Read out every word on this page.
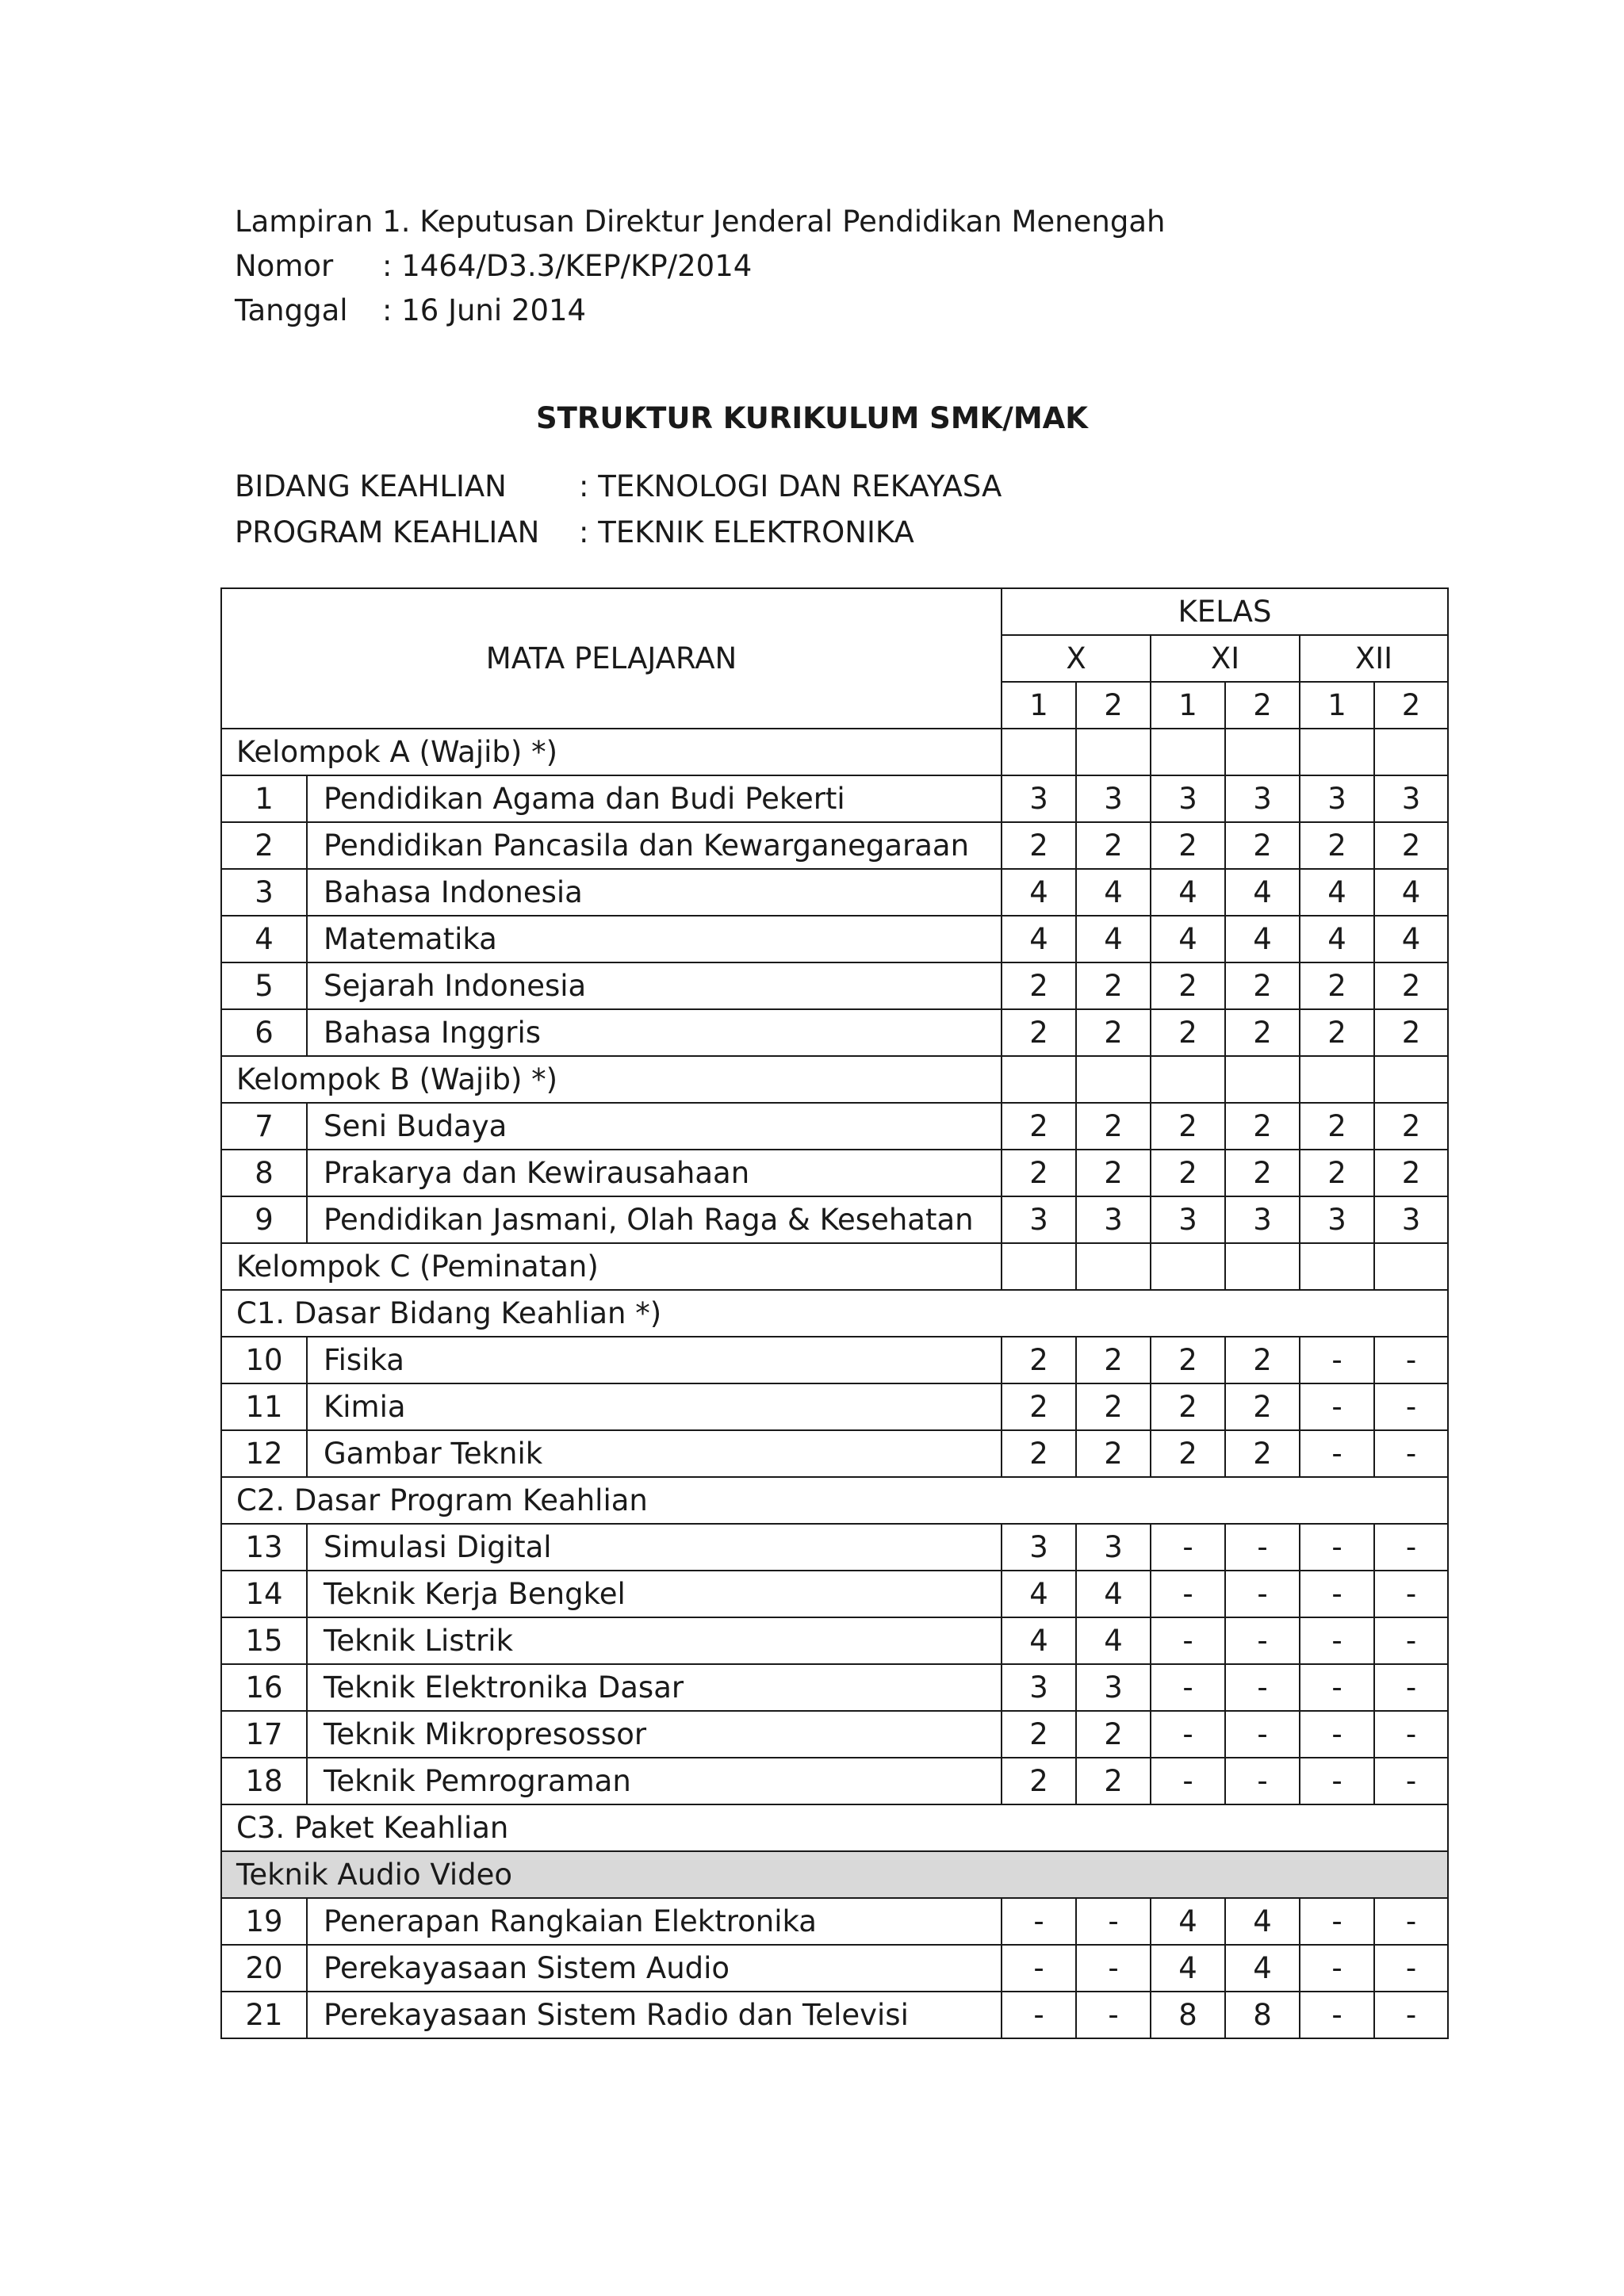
Lampiran 1. Keputusan Direktur Jenderal Pendidikan Menengah
Nomor	: 1464/D3.3/KEP/KP/2014
Tanggal	: 16 Juni 2014
STRUKTUR KURIKULUM SMK/MAK
BIDANG KEAHLIAN	: TEKNOLOGI DAN REKAYASA
PROGRAM KEAHLIAN	: TEKNIK ELEKTRONIKA
MATA PELAJARAN		KELAS					
		X		XI		XII	
		1	2	1	2	1	2
Kelompok A (Wajib) *)							
1	Pendidikan Agama dan Budi Pekerti	3	3	3	3	3	3
2	Pendidikan Pancasila dan Kewarganegaraan	2	2	2	2	2	2
3	Bahasa Indonesia	4	4	4	4	4	4
4	Matematika	4	4	4	4	4	4
5	Sejarah Indonesia	2	2	2	2	2	2
6	Bahasa Inggris	2	2	2	2	2	2
Kelompok B (Wajib) *)							
7	Seni Budaya	2	2	2	2	2	2
8	Prakarya dan Kewirausahaan	2	2	2	2	2	2
9	Pendidikan Jasmani, Olah Raga & Kesehatan	3	3	3	3	3	3
Kelompok C (Peminatan)							
C1. Dasar Bidang Keahlian *)							
10	Fisika	2	2	2	2	-	-
11	Kimia	2	2	2	2	-	-
12	Gambar Teknik	2	2	2	2	-	-
C2. Dasar Program Keahlian							
13	Simulasi Digital	3	3	-	-	-	-
14	Teknik Kerja Bengkel	4	4	-	-	-	-
15	Teknik Listrik	4	4	-	-	-	-
16	Teknik Elektronika Dasar	3	3	-	-	-	-
17	Teknik Mikropresossor	2	2	-	-	-	-
18	Teknik Pemrograman	2	2	-	-	-	-
C3. Paket Keahlian							
Teknik Audio Video							
19	Penerapan Rangkaian Elektronika	-	-	4	4	-	-
20	Perekayasaan Sistem Audio	-	-	4	4	-	-
21	Perekayasaan Sistem Radio dan Televisi	-	-	8	8	-	-
